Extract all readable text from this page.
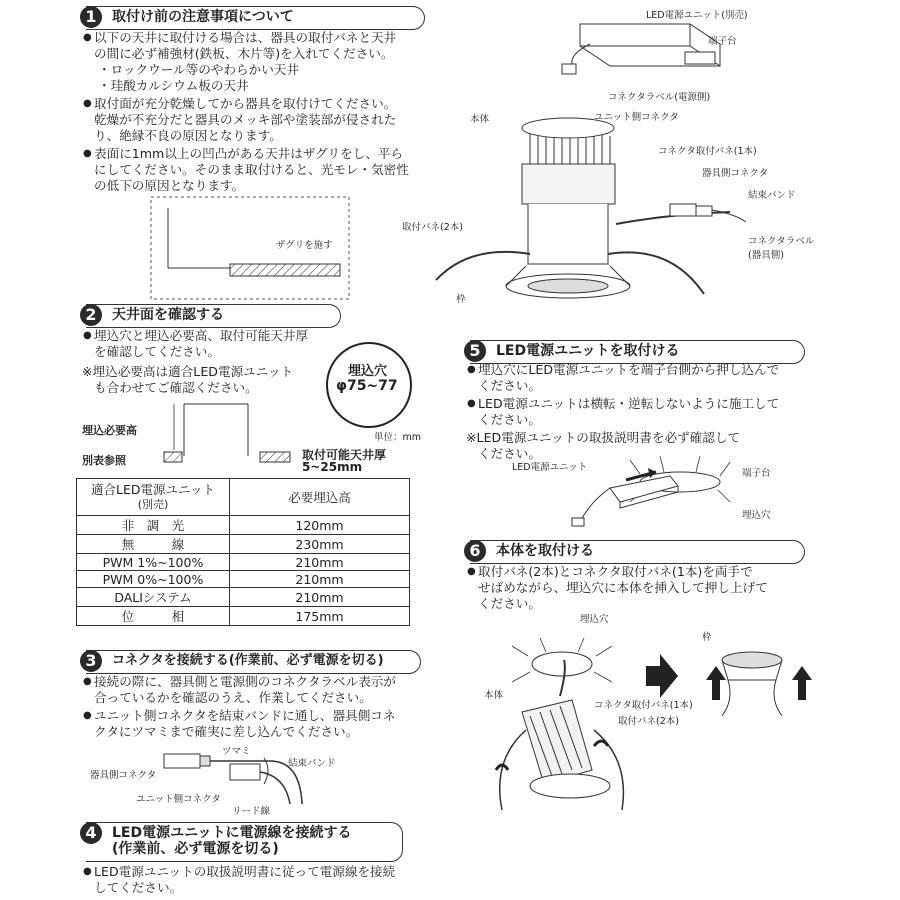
1	取付け前の注意事項について
● 以下の天井に取付ける場合は、器具の取付バネと天井
の間に必ず補強材(鉄板、木片等)を入れてください。
・ロックウール等のやわらかい天井
・珪酸カルシウム板の天井
● 取付面が充分乾燥してから器具を取付けてください。
乾燥が不充分だと器具のメッキ部や塗装部が侵された
り、絶縁不良の原因となります。
● 表面に1mm以上の凹凸がある天井はザグリをし、平ら
にしてください。そのまま取付けると、光モレ・気密性
の低下の原因となります。
ザグリを施す
2	天井面を確認する
● 埋込穴と埋込必要高、取付可能天井厚
を確認してください。
※埋込必要高は適合LED電源ユニット
も合わせてご確認ください。
埋込穴
φ75~77
埋込必要高
別表参照
単位：mm
取付可能天井厚
5~25mm
適合LED電源ユニット
(別売)	必要埋込高
非　調　光	120mm
無　　　線	230mm
PWM 1%~100%	210mm
PWM 0%~100%	210mm
DALIシステム	210mm
位　　　相	175mm
3	コネクタを接続する(作業前、必ず電源を切る)
● 接続の際に、器具側と電源側のコネクタラベル表示が
合っているかを確認のうえ、作業してください。
● ユニット側コネクタを結束バンドに通し、器具側コネ
クタにツマミまで確実に差し込んでください。
ツマミ
結束バンド
器具側コネクタ
ユニット側コネクタ
リード線
4	LED電源ユニットに電源線を接続する
(作業前、必ず電源を切る)
● LED電源ユニットの取扱説明書に従って電源線を接続
してください。
LED電源ユニット(別売)
端子台
コネクタラベル(電源側)
ユニット側コネクタ
本体
コネクタ取付バネ(1本)
器具側コネクタ
結束バンド
取付バネ(2本)
コネクタラベル
(器具側)
枠
5	LED電源ユニットを取付ける
● 埋込穴にLED電源ユニットを端子台側から押し込んで
ください。
● LED電源ユニットは横転・逆転しないように施工して
ください。
※LED電源ユニットの取扱説明書を必ず確認して
ください。
LED電源ユニット
端子台
埋込穴
6	本体を取付ける
● 取付バネ(2本)とコネクタ取付バネ(1本)を両手で
せばめながら、埋込穴に本体を挿入して押し上げて
ください。
埋込穴
枠
本体
コネクタ取付バネ(1本)
取付バネ(2本)
